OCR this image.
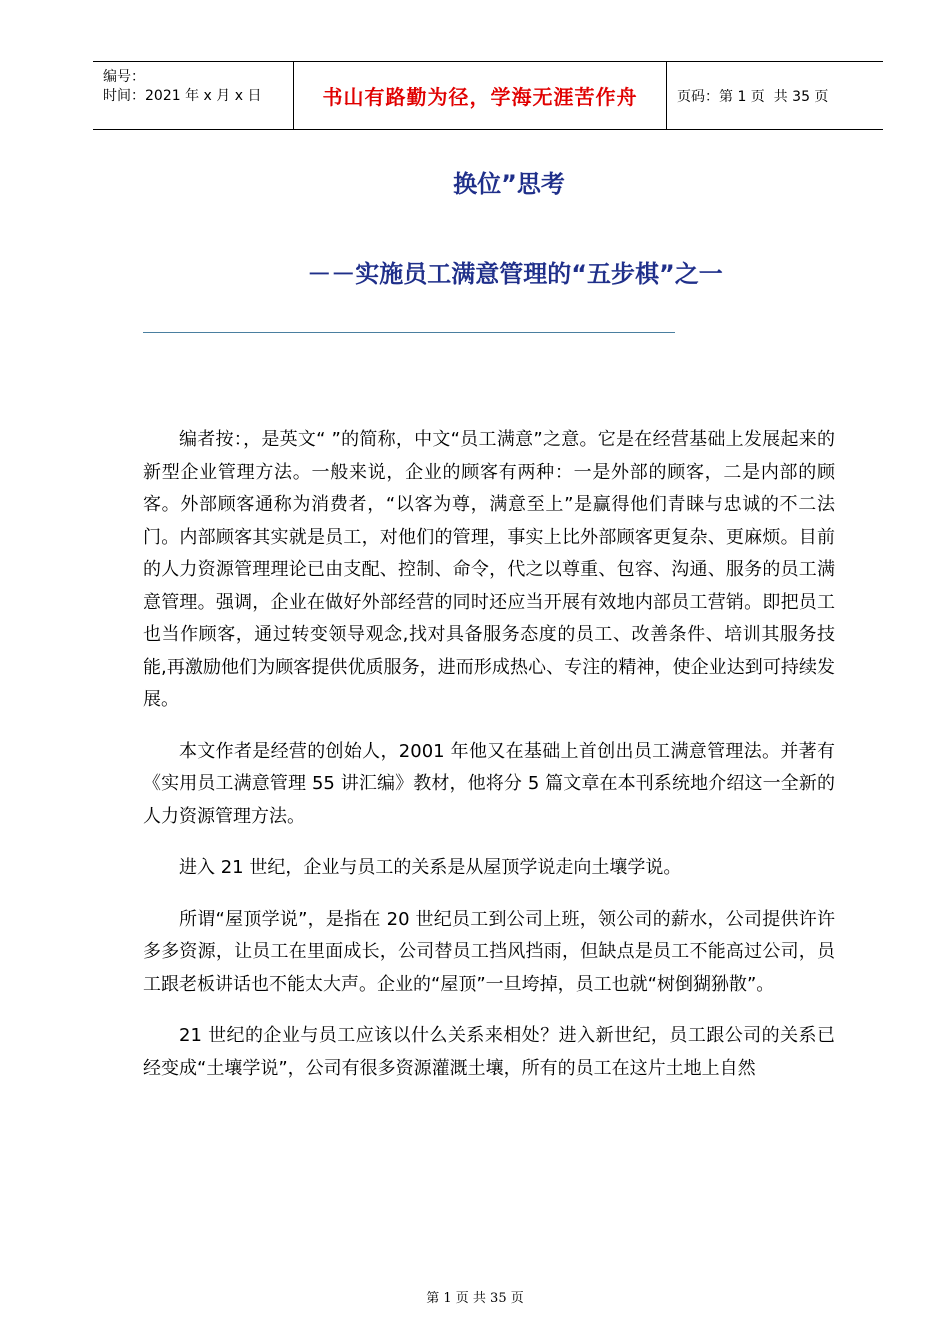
编号：
时间：2021 年 x 月 x 日	书山有路勤为径，学海无涯苦作舟	页码：第 1 页  共 35 页
换位”思考
－－实施员工满意管理的“五步棋”之一

编者按：，是英文“ ”的简称，中文“员工满意”之意。它是在经营基础上发展起来的新型企业管理方法。一般来说，企业的顾客有两种：一是外部的顾客，二是内部的顾客。外部顾客通称为消费者，“以客为尊，满意至上”是赢得他们青睐与忠诚的不二法门。内部顾客其实就是员工，对他们的管理，事实上比外部顾客更复杂、更麻烦。目前的人力资源管理理论已由支配、控制、命令，代之以尊重、包容、沟通、服务的员工满意管理。强调，企业在做好外部经营的同时还应当开展有效地内部员工营销。即把员工也当作顾客，通过转变领导观念,找对具备服务态度的员工、改善条件、培训其服务技能,再激励他们为顾客提供优质服务，进而形成热心、专注的精神，使企业达到可持续发展。

本文作者是经营的创始人，2001 年他又在基础上首创出员工满意管理法。并著有《实用员工满意管理 55 讲汇编》教材，他将分 5 篇文章在本刊系统地介绍这一全新的人力资源管理方法。

进入 21 世纪，企业与员工的关系是从屋顶学说走向土壤学说。

所谓“屋顶学说”，是指在 20 世纪员工到公司上班，领公司的薪水，公司提供许许多多资源，让员工在里面成长，公司替员工挡风挡雨，但缺点是员工不能高过公司，员工跟老板讲话也不能太大声。企业的“屋顶”一旦垮掉，员工也就“树倒猢狲散”。

21 世纪的企业与员工应该以什么关系来相处？进入新世纪，员工跟公司的关系已经变成“土壤学说”，公司有很多资源灌溉土壤，所有的员工在这片土地上自然

第 1 页 共 35 页
